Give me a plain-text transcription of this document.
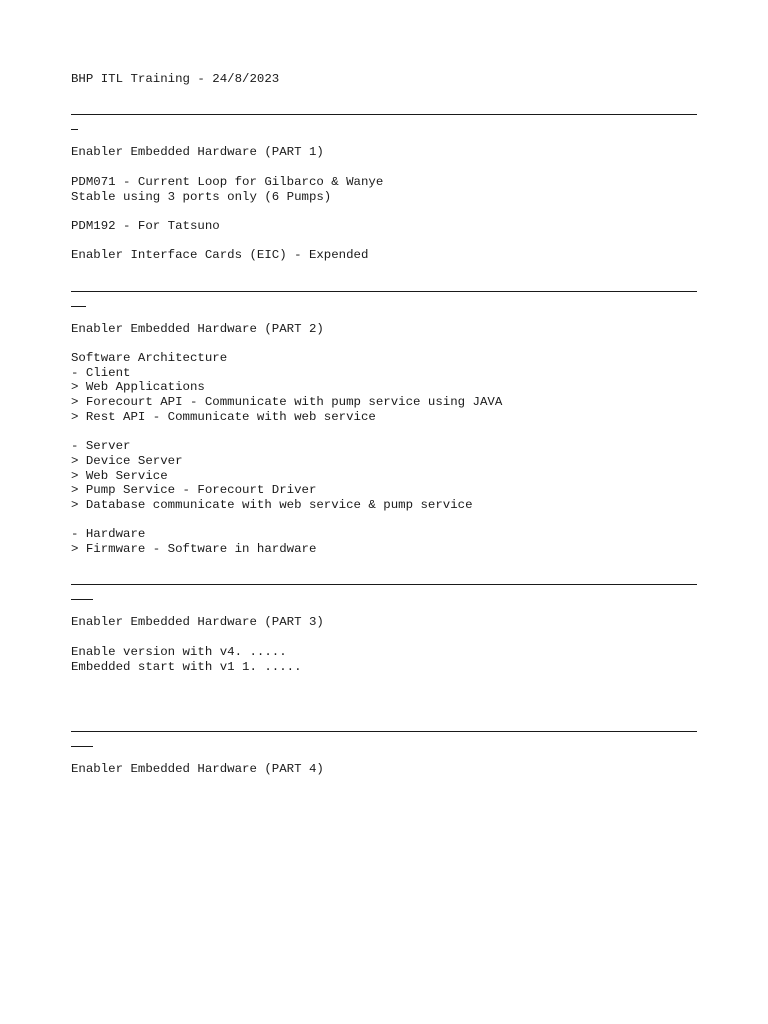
BHP ITL Training - 24/8/2023
Enabler Embedded Hardware (PART 1)
PDM071 - Current Loop for Gilbarco & Wanye
Stable using 3 ports only (6 Pumps)
PDM192 - For Tatsuno
Enabler Interface Cards (EIC) - Expended
Enabler Embedded Hardware (PART 2)
Software Architecture
- Client
> Web Applications
> Forecourt API - Communicate with pump service using JAVA
> Rest API - Communicate with web service
- Server
> Device Server
> Web Service
> Pump Service - Forecourt Driver
> Database communicate with web service & pump service
- Hardware
> Firmware - Software in hardware
Enabler Embedded Hardware (PART 3)
Enable version with v4. .....
Embedded start with v1 1. .....
Enabler Embedded Hardware (PART 4)
